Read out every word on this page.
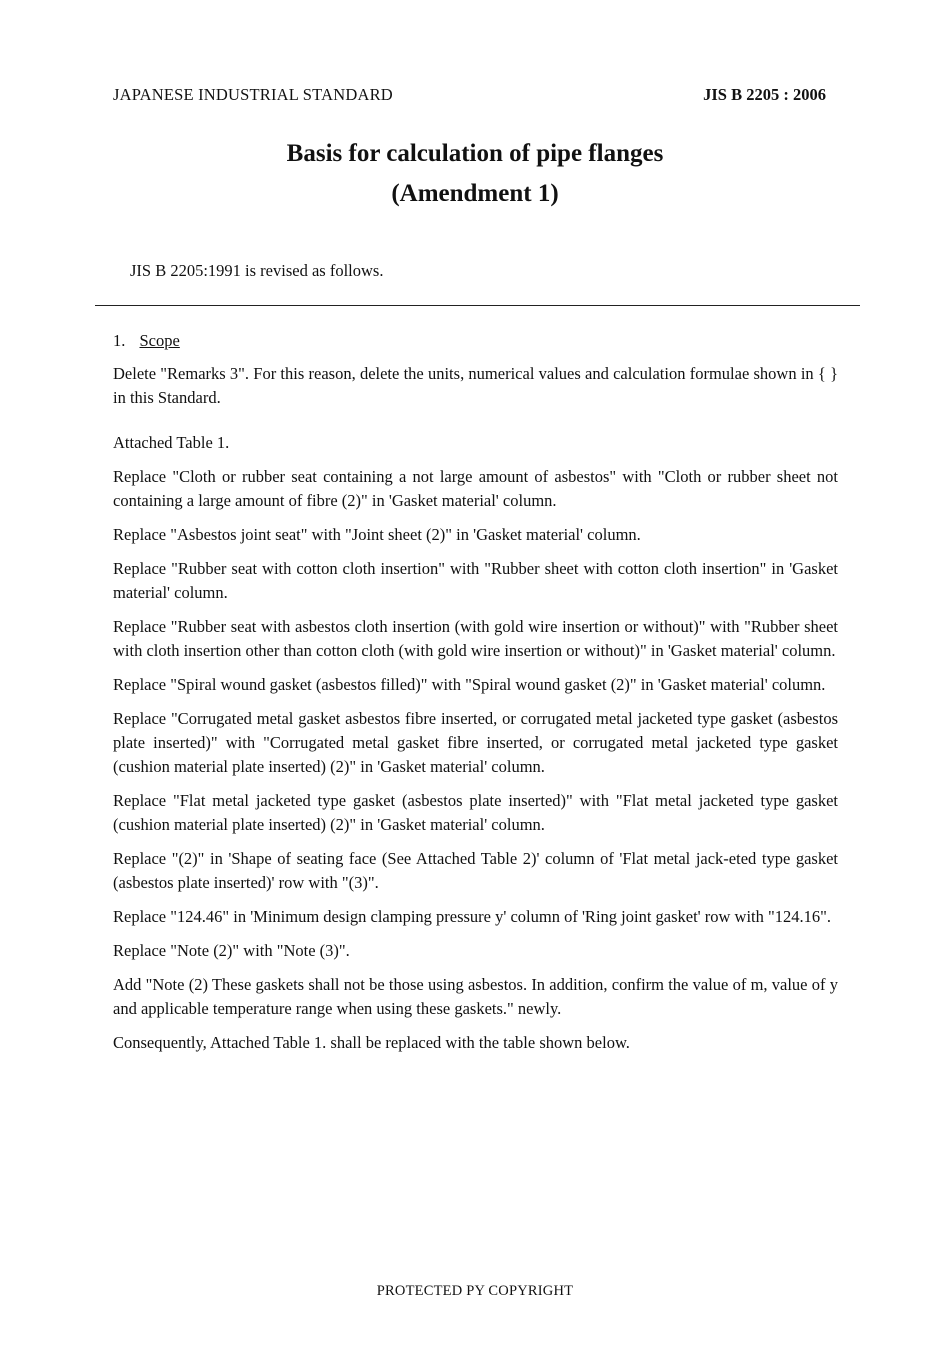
JAPANESE INDUSTRIAL STANDARD	JIS B 2205 : 2006
Basis for calculation of pipe flanges
(Amendment 1)
JIS B 2205:1991 is revised as follows.

1. Scope

Delete "Remarks 3". For this reason, delete the units, numerical values and calculation formulae shown in { } in this Standard.

Attached Table 1.

Replace "Cloth or rubber seat containing a not large amount of asbestos" with "Cloth or rubber sheet not containing a large amount of fibre (2)" in 'Gasket material' column.

Replace "Asbestos joint seat" with "Joint sheet (2)" in 'Gasket material' column.

Replace "Rubber seat with cotton cloth insertion" with "Rubber sheet with cotton cloth insertion" in 'Gasket material' column.

Replace "Rubber seat with asbestos cloth insertion (with gold wire insertion or without)" with "Rubber sheet with cloth insertion other than cotton cloth (with gold wire insertion or without)" in 'Gasket material' column.

Replace "Spiral wound gasket (asbestos filled)" with "Spiral wound gasket (2)" in 'Gasket material' column.

Replace "Corrugated metal gasket asbestos fibre inserted, or corrugated metal jacketed type gasket (asbestos plate inserted)" with "Corrugated metal gasket fibre inserted, or corrugated metal jacketed type gasket (cushion material plate inserted) (2)" in 'Gasket material' column.

Replace "Flat metal jacketed type gasket (asbestos plate inserted)" with "Flat metal jacketed type gasket (cushion material plate inserted) (2)" in 'Gasket material' column.

Replace "(2)" in 'Shape of seating face (See Attached Table 2)' column of 'Flat metal jack-eted type gasket (asbestos plate inserted)' row with "(3)".

Replace "124.46" in 'Minimum design clamping pressure y' column of 'Ring joint gasket' row with "124.16".

Replace "Note (2)" with "Note (3)".

Add "Note (2) These gaskets shall not be those using asbestos. In addition, confirm the value of m, value of y and applicable temperature range when using these gaskets." newly.

Consequently, Attached Table 1. shall be replaced with the table shown below.

PROTECTED PY COPYRIGHT
